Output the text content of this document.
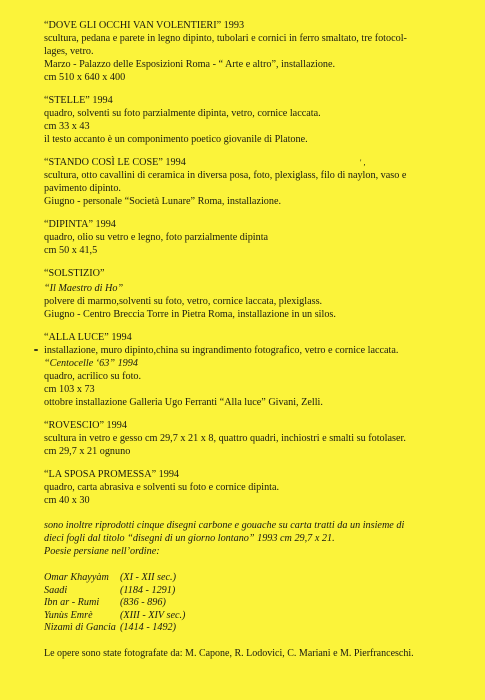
' ,
“DOVE GLI OCCHI VAN VOLENTIERI” 1993
scultura, pedana e parete in legno dipinto, tubolari e cornici in ferro smaltato, tre fotocol-
lages, vetro.
Marzo - Palazzo delle Esposizioni Roma - “ Arte e altro”, installazione.
cm 510 x 640 x 400
“STELLE” 1994
quadro, solventi su foto parzialmente dipinta, vetro, cornice laccata.
cm 33 x 43
il testo accanto è un componimento poetico giovanile di Platone.
“STANDO COSÌ LE COSE” 1994
scultura, otto cavallini di ceramica in diversa posa, foto, plexiglass, filo di naylon, vaso e
pavimento dipinto.
Giugno - personale “Società Lunare” Roma, installazione.
“DIPINTA” 1994
quadro, olio su vetro e legno, foto parzialmente dipinta
cm 50 x 41,5
“SOLSTIZIO”
“Il Maestro di Ho”
polvere di marmo,solventi su foto, vetro, cornice laccata, plexiglass.
Giugno - Centro Breccia Torre in Pietra Roma, installazione in un silos.
“ALLA LUCE” 1994
installazione, muro dipinto,china su ingrandimento fotografico, vetro e cornice laccata.
“Centocelle ‘63” 1994
quadro, acrilico su foto.
cm 103 x 73
ottobre installazione Galleria Ugo Ferranti “Alla luce” Givani, Zelli.
“ROVESCIO” 1994
scultura in vetro e gesso cm 29,7 x 21 x 8, quattro quadri, inchiostri e smalti su fotolaser.
cm 29,7 x 21 ognuno
“LA SPOSA PROMESSA” 1994
quadro, carta abrasiva e solventi su foto e cornice dipinta.
cm 40 x 30
sono inoltre riprodotti cinque disegni carbone e gouache su carta tratti da un insieme di
dieci fogli dal titolo “disegni di un giorno lontano” 1993 cm 29,7 x 21.
Poesie persiane nell’ordine:
Omar Khayyàm	(XI - XII sec.)
Saadi	(1184 - 1291)
Ibn ar - Rumi	(836 - 896)
Yunùs Emrè	(XIII - XIV sec.)
Nizamì di Gancia (1414 - 1492)
Le opere sono state fotografate da: M. Capone, R. Lodovici, C. Mariani e M. Pierfranceschi.
